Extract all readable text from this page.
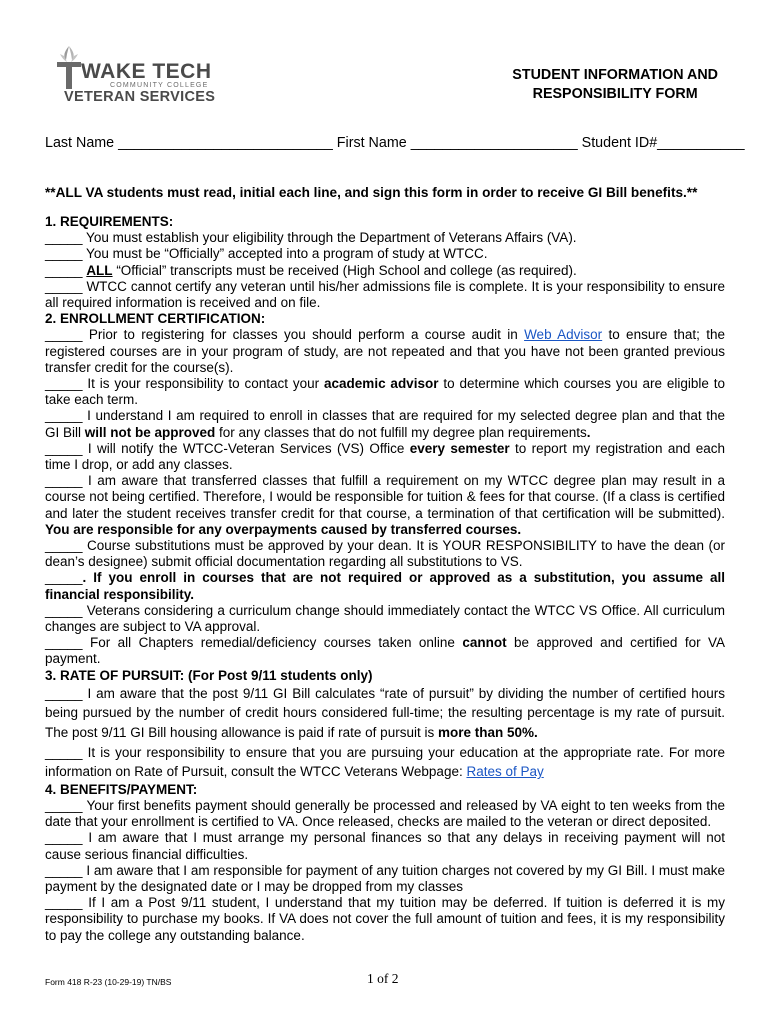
WAKE TECH
COMMUNITY COLLEGE
VETERAN SERVICES
STUDENT INFORMATION AND
RESPONSIBILITY FORM
Last Name ___________________________ First Name _____________________ Student ID#___________
**ALL VA students must read, initial each line, and sign this form in order to receive GI Bill benefits.**

1. REQUIREMENTS:

_____ You must establish your eligibility through the Department of Veterans Affairs (VA).

_____ You must be “Officially” accepted into a program of study at WTCC.

_____ ALL “Official” transcripts must be received (High School and college (as required).

_____ WTCC cannot certify any veteran until his/her admissions file is complete. It is your responsibility to ensure all required information is received and on file.

2. ENROLLMENT CERTIFICATION:

_____ Prior to registering for classes you should perform a course audit in Web Advisor to ensure that; the registered courses are in your program of study, are not repeated and that you have not been granted previous transfer credit for the course(s).

_____ It is your responsibility to contact your academic advisor to determine which courses you are eligible to take each term.

_____ I understand I am required to enroll in classes that are required for my selected degree plan and that the GI Bill will not be approved for any classes that do not fulfill my degree plan requirements.

_____ I will notify the WTCC-Veteran Services (VS) Office every semester to report my registration and each time I drop, or add any classes.

_____ I am aware that transferred classes that fulfill a requirement on my WTCC degree plan may result in a course not being certified. Therefore, I would be responsible for tuition & fees for that course. (If a class is certified and later the student receives transfer credit for that course, a termination of that certification will be submitted). You are responsible for any overpayments caused by transferred courses.

_____ Course substitutions must be approved by your dean. It is YOUR RESPONSIBILITY to have the dean (or dean’s designee) submit official documentation regarding all substitutions to VS.

_____. If you enroll in courses that are not required or approved as a substitution, you assume all financial responsibility.

_____ Veterans considering a curriculum change should immediately contact the WTCC VS Office. All curriculum changes are subject to VA approval.

_____ For all Chapters remedial/deficiency courses taken online cannot be approved and certified for VA payment.

3. RATE OF PURSUIT: (For Post 9/11 students only)

_____ I am aware that the post 9/11 GI Bill calculates “rate of pursuit” by dividing the number of certified hours being pursued by the number of credit hours considered full-time; the resulting percentage is my rate of pursuit. The post 9/11 GI Bill housing allowance is paid if rate of pursuit is more than 50%.

_____ It is your responsibility to ensure that you are pursuing your education at the appropriate rate. For more information on Rate of Pursuit, consult the WTCC Veterans Webpage: Rates of Pay

4. BENEFITS/PAYMENT:

_____ Your first benefits payment should generally be processed and released by VA eight to ten weeks from the date that your enrollment is certified to VA. Once released, checks are mailed to the veteran or direct deposited.

_____ I am aware that I must arrange my personal finances so that any delays in receiving payment will not cause serious financial difficulties.

_____ I am aware that I am responsible for payment of any tuition charges not covered by my GI Bill. I must make payment by the designated date or I may be dropped from my classes

_____ If I am a Post 9/11 student, I understand that my tuition may be deferred. If tuition is deferred it is my responsibility to purchase my books. If VA does not cover the full amount of tuition and fees, it is my responsibility to pay the college any outstanding balance.

Form 418 R-23 (10-29-19) TN/BS	1 of 2
